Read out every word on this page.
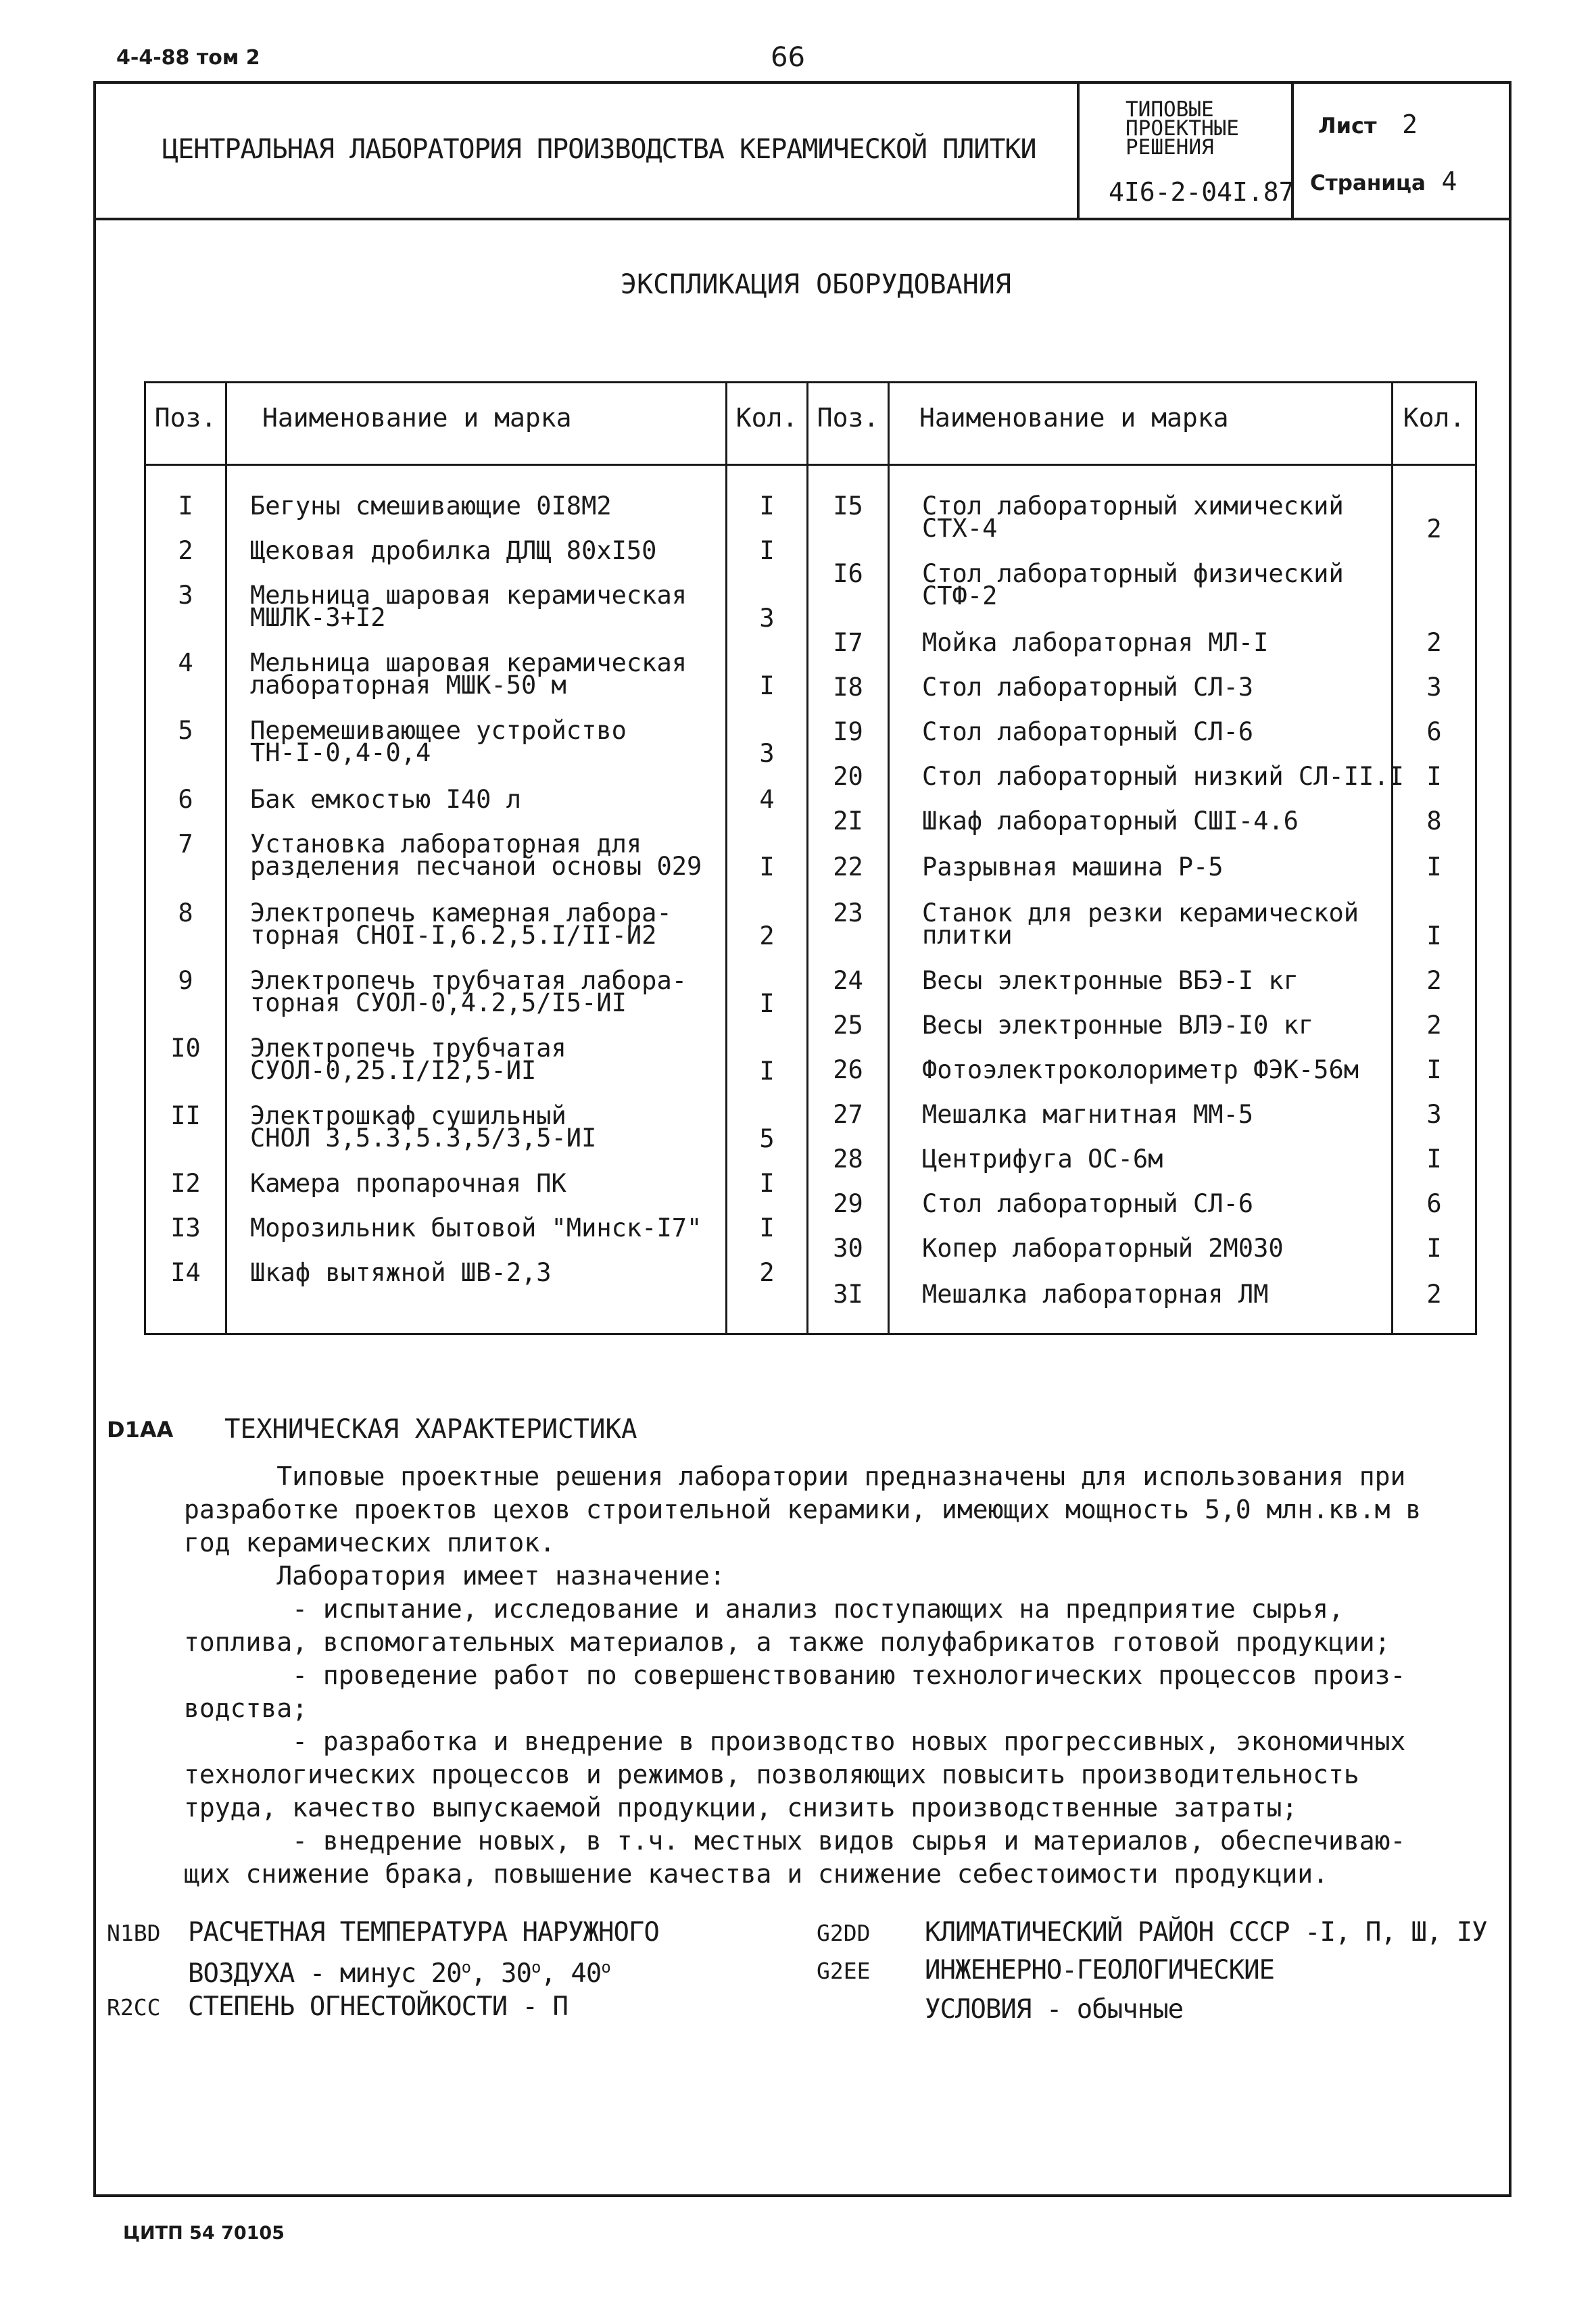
4-4-88 том 2	66
ЦЕНТРАЛЬНАЯ ЛАБОРАТОРИЯ ПРОИЗВОДСТВА КЕРАМИЧЕСКОЙ ПЛИТКИ
ТИПОВЫЕ
ПРОЕКТНЫЕ
РЕШЕНИЯ
4I6-2-04I.87
Лист 2
Страница 4
ЭКСПЛИКАЦИЯ ОБОРУДОВАНИЯ
Поз.	Наименование и марка	Кол. Поз.	Наименование и марка	Кол.
I	Бегуны смешивающие 0I8М2	I
2	Щековая дробилка ДЛЩ 80хI50	I
3	Мельница шаровая керамическая
МШЛК-3+I2	3
4	Мельница шаровая керамическая
лабораторная МШК-50 м	I
5	Перемешивающее устройство
ТН-I-0,4-0,4	3
6	Бак емкостью I40 л	4
7	Установка лабораторная для
разделения песчаной основы 029	I
8	Электропечь камерная лабора-
торная СНОI-I,6.2,5.I/II-И2	2
9	Электропечь трубчатая лабора-
торная СУОЛ-0,4.2,5/I5-ИI	I
I0	Электропечь трубчатая
СУОЛ-0,25.I/I2,5-ИI	I
II	Электрошкаф сушильный
СНОЛ 3,5.3,5.3,5/3,5-ИI	5
I2	Камера пропарочная ПК	I
I3	Морозильник бытовой "Минск-I7"	I
I4	Шкаф вытяжной ШВ-2,3	2
I5	Стол лабораторный химический
СТХ-4	2
I6	Стол лабораторный физический
СТФ-2
I7	Мойка лабораторная МЛ-I	2
I8	Стол лабораторный СЛ-3	3
I9	Стол лабораторный СЛ-6	6
20	Стол лабораторный низкий СЛ-II.I I
2I	Шкаф лабораторный СШI-4.6	8
22	Разрывная машина Р-5	I
23	Станок для резки керамической
плитки	I
24	Весы электронные ВБЭ-I кг	2
25	Весы электронные ВЛЭ-I0 кг	2
26	Фотоэлектроколориметр ФЭК-56м	I
27	Мешалка магнитная ММ-5	3
28	Центрифуга ОС-6м	I
29	Стол лабораторный СЛ-6	6
30	Копер лабораторный 2М030	I
3I	Мешалка лабораторная ЛМ	2
D1AA ТЕХНИЧЕСКАЯ ХАРАКТЕРИСТИКА
Типовые проектные решения лаборатории предназначены для использования при
разработке проектов цехов строительной керамики, имеющих мощность 5,0 млн.кв.м в
год керамических плиток.
Лаборатория имеет назначение:
- испытание, исследование и анализ поступающих на предприятие сырья,
топлива, вспомогательных материалов, а также полуфабрикатов готовой продукции;
- проведение работ по совершенствованию технологических процессов произ-
водства;
- разработка и внедрение в производство новых прогрессивных, экономичных
технологических процессов и режимов, позволяющих повысить производительность
труда, качество выпускаемой продукции, снизить производственные затраты;
- внедрение новых, в т.ч. местных видов сырья и материалов, обеспечиваю-
щих снижение брака, повышение качества и снижение себестоимости продукции.
N1BD РАСЧЕТНАЯ ТЕМПЕРАТУРА НАРУЖНОГО
ВОЗДУХА - минус 20$^o$, 30$^o$, 40$^o$
R2CC СТЕПЕНЬ ОГНЕСТОЙКОСТИ - П
G2DD КЛИМАТИЧЕСКИЙ РАЙОН СССР -I, П, Ш, IУ
G2EE ИНЖЕНЕРНО-ГЕОЛОГИЧЕСКИЕ
УСЛОВИЯ - обычные
ЦИТП 54 70105
